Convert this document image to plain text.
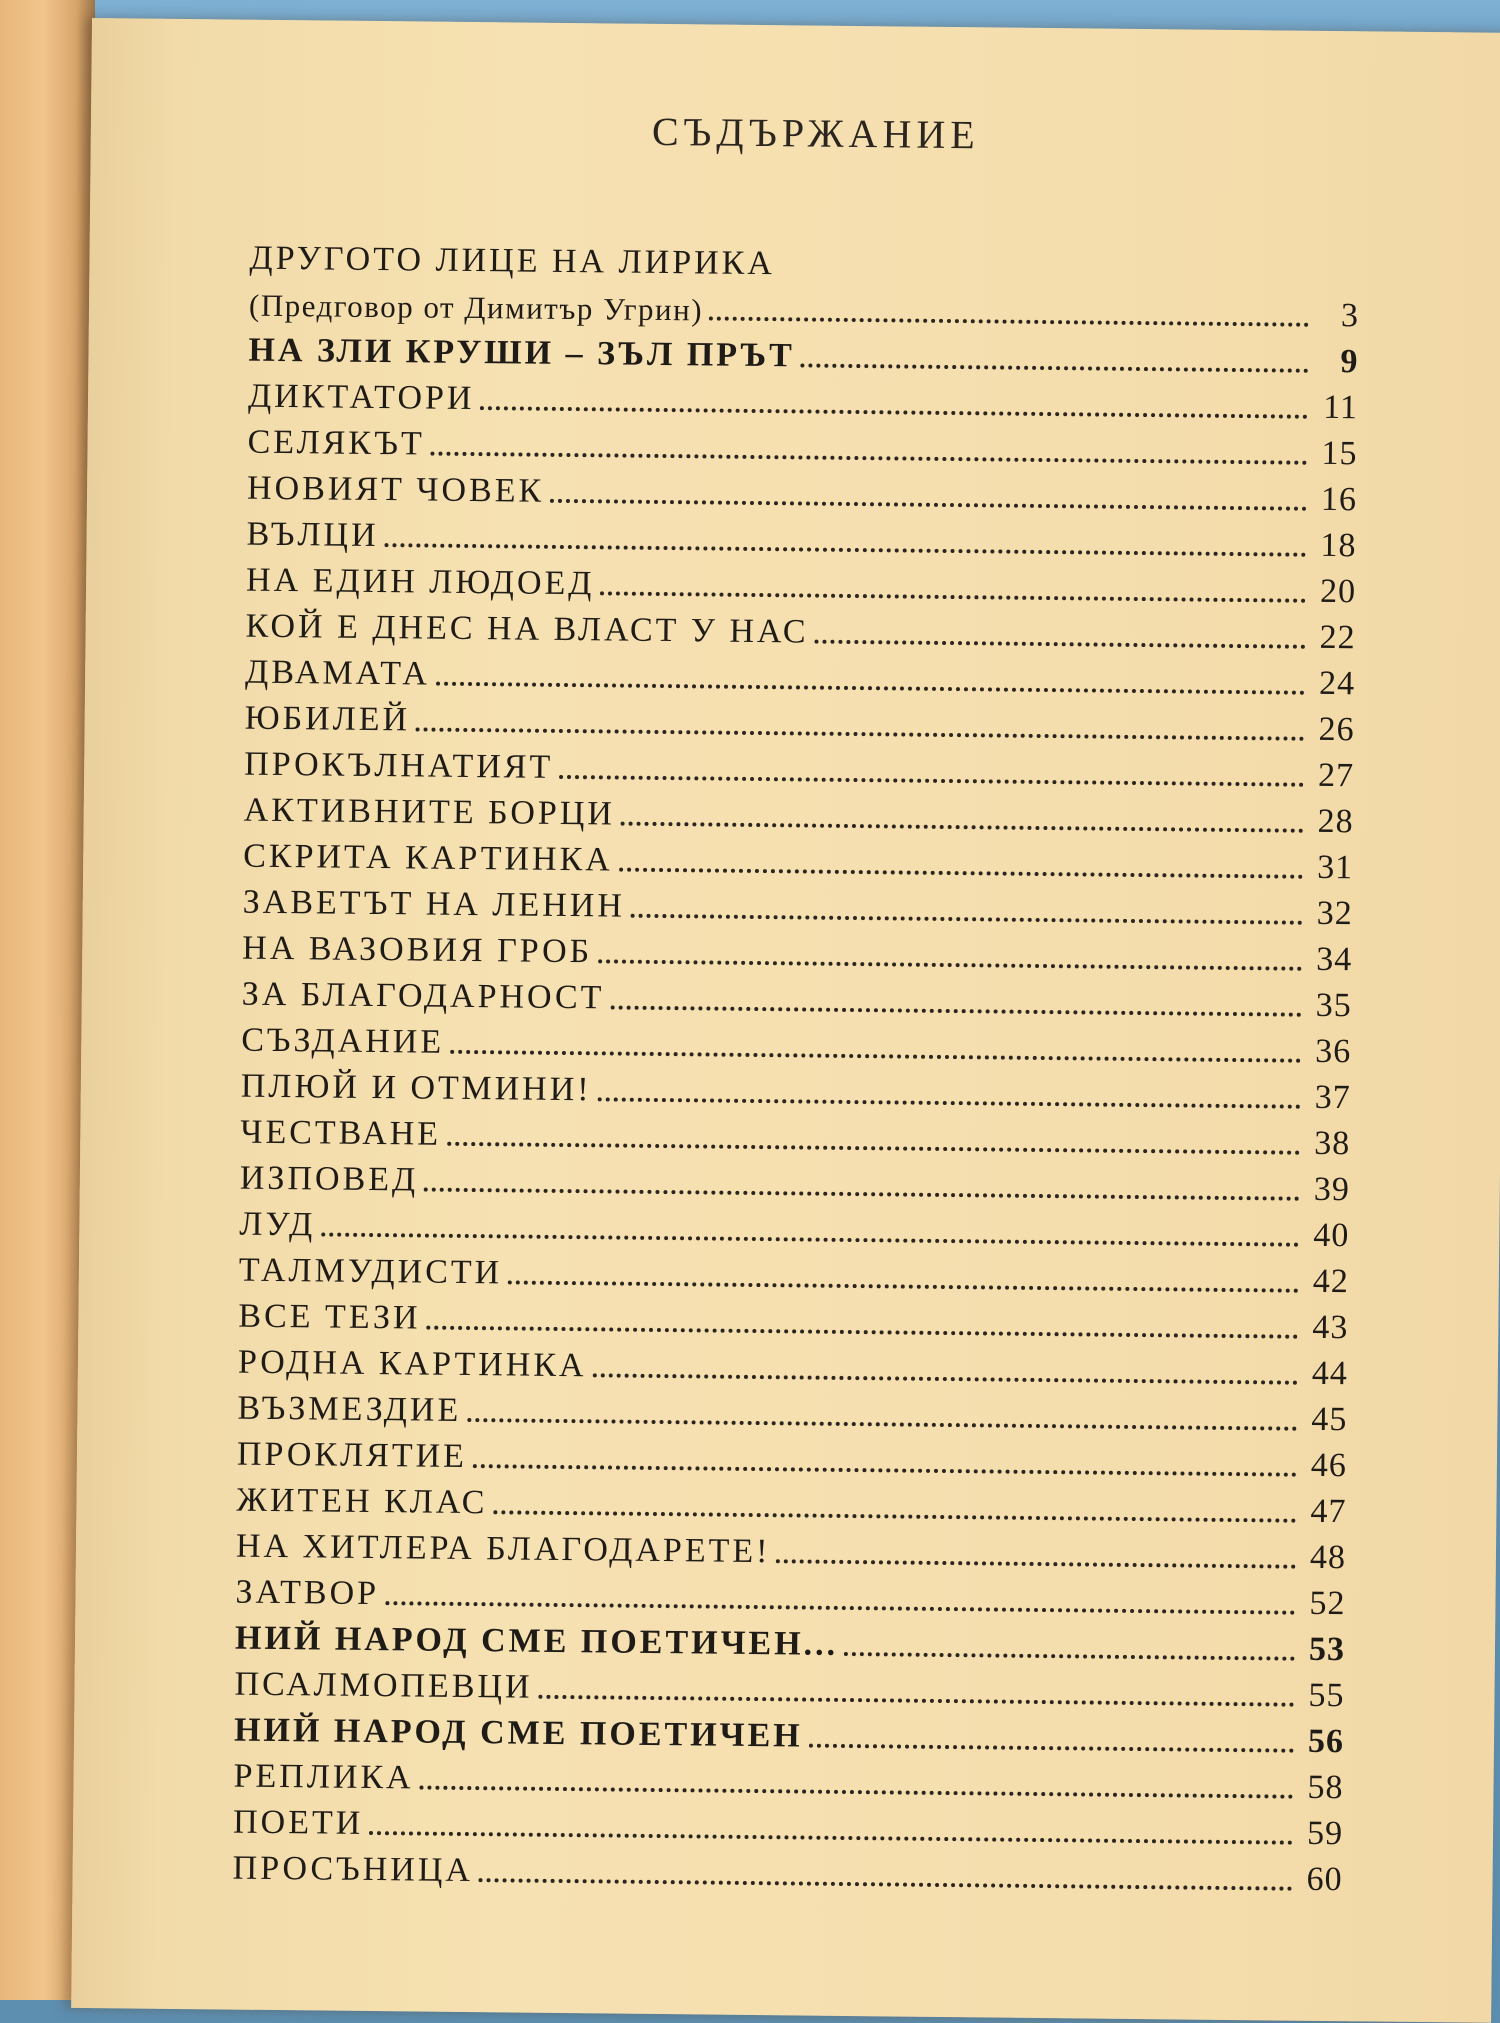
СЪДЪРЖАНИЕ
ДРУГОТО ЛИЦЕ НА ЛИРИКА
(Предговор от Димитър Угрин)	3
НА ЗЛИ КРУШИ – ЗЪЛ ПРЪТ	9
ДИКТАТОРИ	11
СЕЛЯКЪТ	15
НОВИЯТ ЧОВЕК	16
ВЪЛЦИ	18
НА ЕДИН ЛЮДОЕД	20
КОЙ Е ДНЕС НА ВЛАСТ У НАС	22
ДВАМАТА	24
ЮБИЛЕЙ	26
ПРОКЪЛНАТИЯТ	27
АКТИВНИТЕ БОРЦИ	28
СКРИТА КАРТИНКА	31
ЗАВЕТЪТ НА ЛЕНИН	32
НА ВАЗОВИЯ ГРОБ	34
ЗА БЛАГОДАРНОСТ	35
СЪЗДАНИЕ	36
ПЛЮЙ И ОТМИНИ!	37
ЧЕСТВАНЕ	38
ИЗПОВЕД	39
ЛУД	40
ТАЛМУДИСТИ	42
ВСЕ ТЕЗИ	43
РОДНА КАРТИНКА	44
ВЪЗМЕЗДИЕ	45
ПРОКЛЯТИЕ	46
ЖИТЕН КЛАС	47
НА ХИТЛЕРА БЛАГОДАРЕТЕ!	48
ЗАТВОР	52
НИЙ НАРОД СМЕ ПОЕТИЧЕН...	53
ПСАЛМОПЕВЦИ	55
НИЙ НАРОД СМЕ ПОЕТИЧЕН	56
РЕПЛИКА	58
ПОЕТИ	59
ПРОСЪНИЦА	60
